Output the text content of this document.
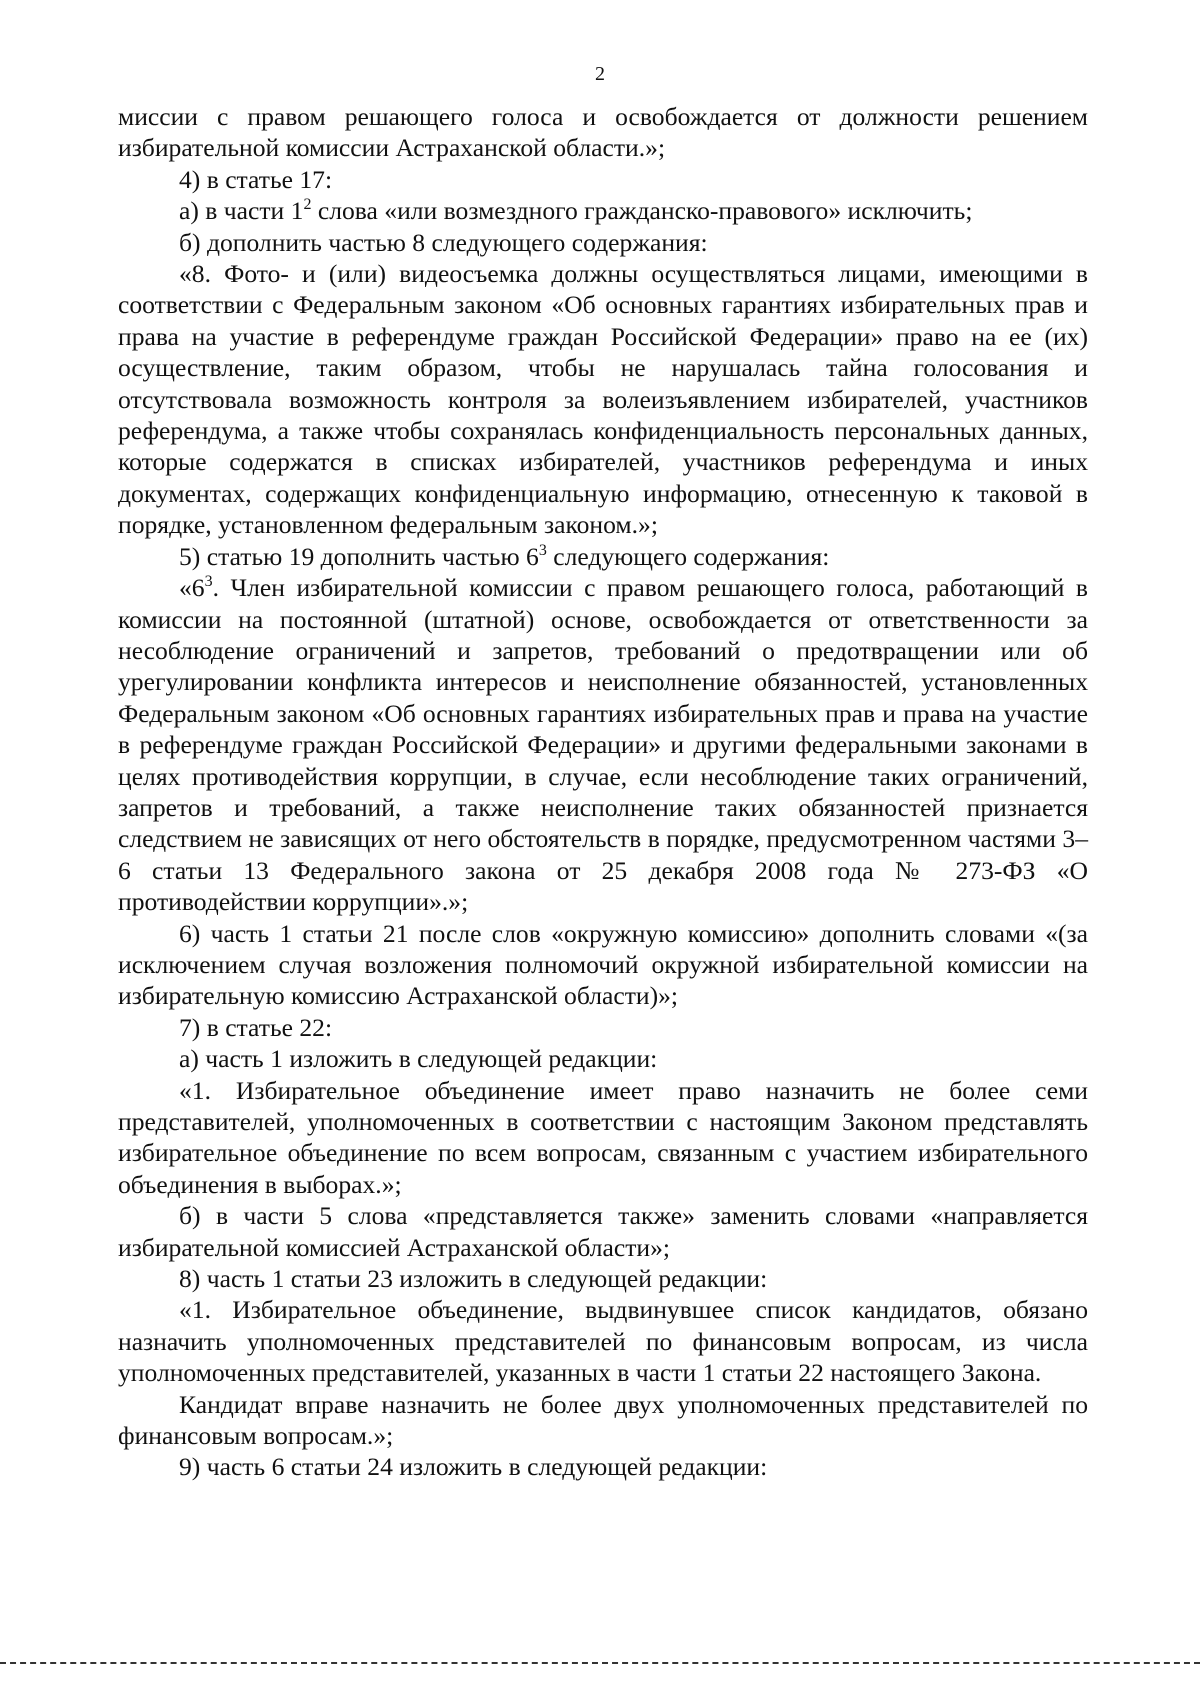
2

миссии с правом решающего голоса и освобождается от должности решением избирательной комиссии Астраханской области.»;

4) в статье 17:

а) в части $1^2$ слова «или возмездного гражданско-правового» исключить;

б) дополнить частью 8 следующего содержания:

«8. Фото- и (или) видеосъемка должны осуществляться лицами, имеющими в соответствии с Федеральным законом «Об основных гарантиях избирательных прав и права на участие в референдуме граждан Российской Федерации» право на ее (их) осуществление, таким образом, чтобы не нарушалась тайна голосования и отсутствовала возможность контроля за волеизъявлением избирателей, участников референдума, а также чтобы сохранялась конфиденциальность персональных данных, которые содержатся в списках избирателей, участников референдума и иных документах, содержащих конфиденциальную информацию, отнесенную к таковой в порядке, установленном федеральным законом.»;

5) статью 19 дополнить частью $6^3$ следующего содержания:

«$6^3$. Член избирательной комиссии с правом решающего голоса, работающий в комиссии на постоянной (штатной) основе, освобождается от ответственности за несоблюдение ограничений и запретов, требований о предотвращении или об урегулировании конфликта интересов и неисполнение обязанностей, установленных Федеральным законом «Об основных гарантиях избирательных прав и права на участие в референдуме граждан Российской Федерации» и другими федеральными законами в целях противодействия коррупции, в случае, если несоблюдение таких ограничений, запретов и требований, а также неисполнение таких обязанностей признается следствием не зависящих от него обстоятельств в порядке, предусмотренном частями 3–6 статьи 13 Федерального закона от 25 декабря 2008 года № 273-ФЗ «О противодействии коррупции».»;

6) часть 1 статьи 21 после слов «окружную комиссию» дополнить словами «(за исключением случая возложения полномочий окружной избирательной комиссии на избирательную комиссию Астраханской области)»;

7) в статье 22:

а) часть 1 изложить в следующей редакции:

«1. Избирательное объединение имеет право назначить не более семи представителей, уполномоченных в соответствии с настоящим Законом представлять избирательное объединение по всем вопросам, связанным с участием избирательного объединения в выборах.»;

б) в части 5 слова «представляется также» заменить словами «направляется избирательной комиссией Астраханской области»;

8) часть 1 статьи 23 изложить в следующей редакции:

«1. Избирательное объединение, выдвинувшее список кандидатов, обязано назначить уполномоченных представителей по финансовым вопросам, из числа уполномоченных представителей, указанных в части 1 статьи 22 настоящего Закона.

Кандидат вправе назначить не более двух уполномоченных представителей по финансовым вопросам.»;

9) часть 6 статьи 24 изложить в следующей редакции:
